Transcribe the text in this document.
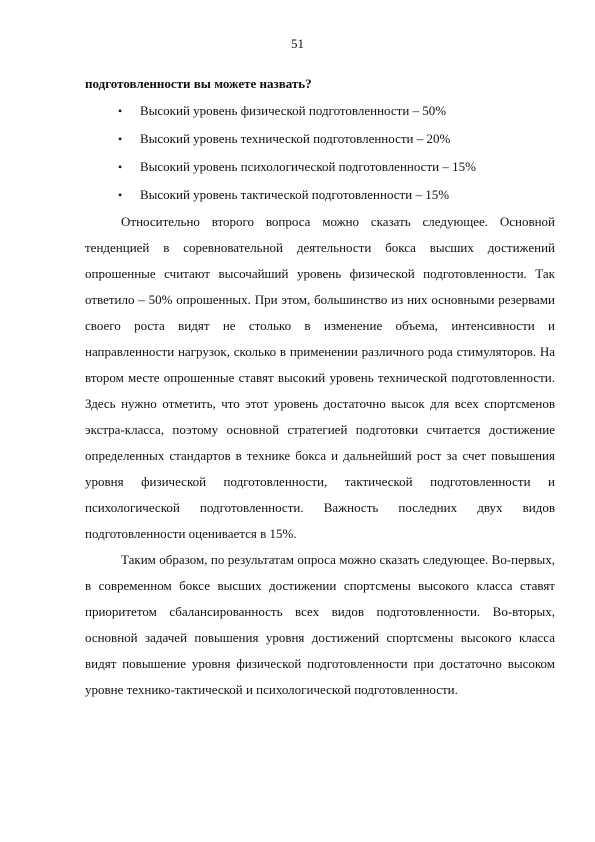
51

подготовленности вы можете назвать?

• Высокий уровень физической подготовленности – 50%
• Высокий уровень технической подготовленности – 20%
• Высокий уровень психологической подготовленности – 15%
• Высокий уровень тактической подготовленности – 15%

Относительно второго вопроса можно сказать следующее. Основной тенденцией в соревновательной деятельности бокса высших достижений опрошенные считают высочайший уровень физической подготовленности. Так ответило – 50% опрошенных. При этом, большинство из них основными резервами своего роста видят не столько в изменение объема, интенсивности и направленности нагрузок, сколько в применении различного рода стимуляторов. На втором месте опрошенные ставят высокий уровень технической подготовленности. Здесь нужно отметить, что этот уровень достаточно высок для всех спортсменов экстра-класса, поэтому основной стратегией подготовки считается достижение определенных стандартов в технике бокса и дальнейший рост за счет повышения уровня физической подготовленности, тактической подготовленности и психологической подготовленности. Важность последних двух видов подготовленности оценивается в 15%.

Таким образом, по результатам опроса можно сказать следующее. Во-первых, в современном боксе высших достижении спортсмены высокого класса ставят приоритетом сбалансированность всех видов подготовленности. Во-вторых, основной задачей повышения уровня достижений спортсмены высокого класса видят повышение уровня физической подготовленности при достаточно высоком уровне технико-тактической и психологической подготовленности.
